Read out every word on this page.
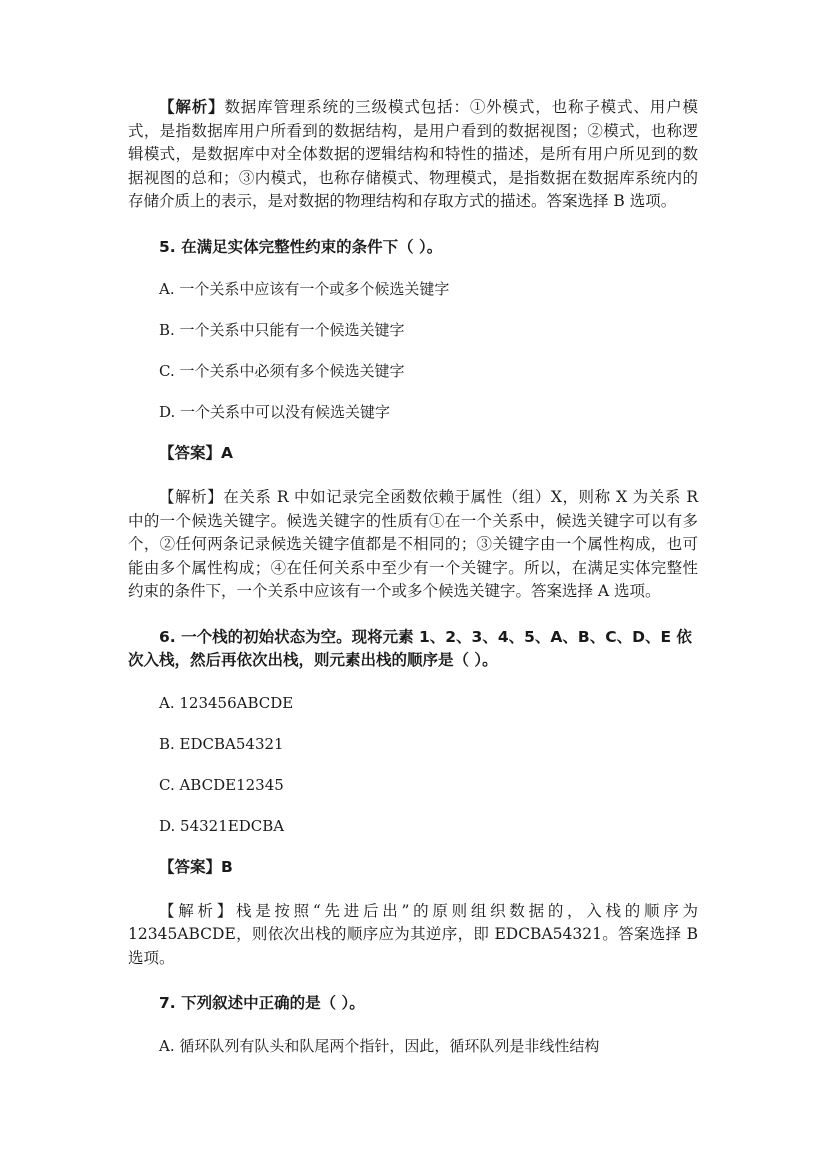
【解析】数据库管理系统的三级模式包括：①外模式，也称子模式、用户模式，是指数据库用户所看到的数据结构，是用户看到的数据视图；②模式，也称逻辑模式，是数据库中对全体数据的逻辑结构和特性的描述，是所有用户所见到的数据视图的总和；③内模式，也称存储模式、物理模式，是指数据在数据库系统内的存储介质上的表示，是对数据的物理结构和存取方式的描述。答案选择 B 选项。

5. 在满足实体完整性约束的条件下（ ）。

A. 一个关系中应该有一个或多个候选关键字

B. 一个关系中只能有一个候选关键字

C. 一个关系中必须有多个候选关键字

D. 一个关系中可以没有候选关键字

【答案】A

【解析】在关系 R 中如记录完全函数依赖于属性（组）X，则称 X 为关系 R 中的一个候选关键字。候选关键字的性质有①在一个关系中，候选关键字可以有多个，②任何两条记录候选关键字值都是不相同的；③关键字由一个属性构成，也可能由多个属性构成；④在任何关系中至少有一个关键字。所以，在满足实体完整性约束的条件下，一个关系中应该有一个或多个候选关键字。答案选择 A 选项。

6. 一个栈的初始状态为空。现将元素 1、2、3、4、5、A、B、C、D、E 依次入栈，然后再依次出栈，则元素出栈的顺序是（ ）。

A. 123456ABCDE

B. EDCBA54321

C. ABCDE12345

D. 54321EDCBA

【答案】B

【解析】栈是按照“先进后出”的原则组织数据的，入栈的顺序为12345ABCDE，则依次出栈的顺序应为其逆序，即 EDCBA54321。答案选择 B 选项。

7. 下列叙述中正确的是（ ）。

A. 循环队列有队头和队尾两个指针，因此，循环队列是非线性结构
